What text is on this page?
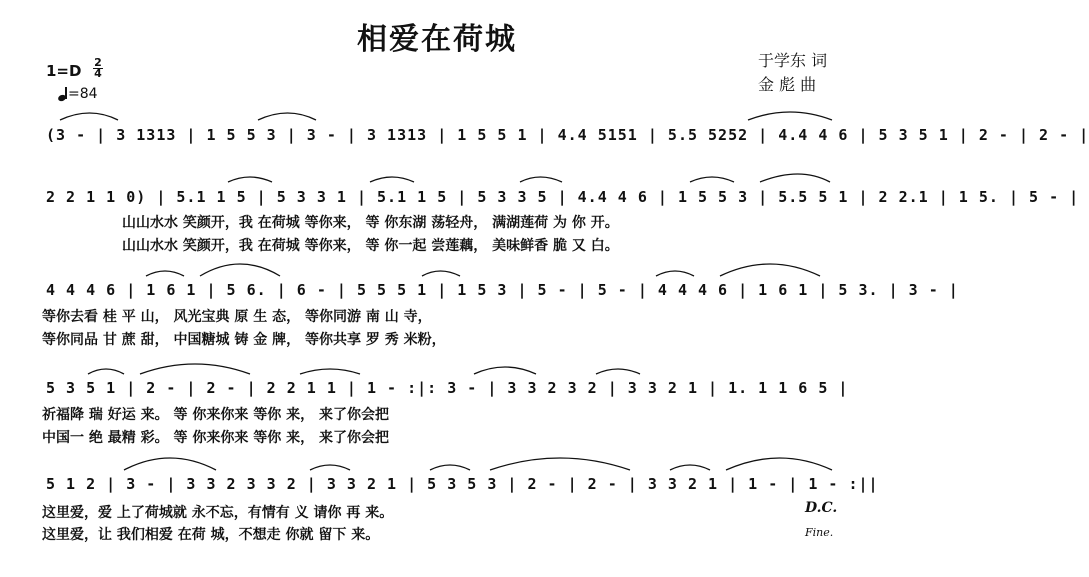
相爱在荷城
于学东 词
金 彪 曲
1=D 2
4
=84
(3 - | 3 1313 | 1 5 5 3 | 3 - | 3 1313 | 1 5 5 1 | 4.4 5151 | 5.5 5252 | 4.4 4 6 | 5 3 5 1 | 2 - | 2 - |
2 2 1 1 0) | 5.1 1 5 | 5 3 3 1 | 5.1 1 5 | 5 3 3 5 | 4.4 4 6 | 1 5 5 3 | 5.5 5 1 | 2 2.1 | 1 5. | 5 - |
山山水水 笑颜开，我 在荷城 等你来， 等 你东湖 荡轻舟， 满湖莲荷 为 你 开。
山山水水 笑颜开，我 在荷城 等你来， 等 你一起 尝莲藕， 美味鲜香 脆 又 白。
4 4 4 6 | 1 6 1 | 5 6. | 6 - | 5 5 5 1 | 1 5 3 | 5 - | 5 - | 4 4 4 6 | 1 6 1 | 5 3. | 3 - |
等你去看 桂 平 山， 风光宝典 原 生 态， 等你同游 南 山 寺，
等你同品 甘 蔗 甜， 中国糖城 铸 金 牌， 等你共享 罗 秀 米粉，
5 3 5 1 | 2 - | 2 - | 2 2 1 1 | 1 - :|: 3 - | 3 3 2 3 2 | 3 3 2 1 | 1. 1 1 6 5 |
祈福降 瑞 好运 来。 等 你来你来 等你 来， 来了你会把
中国一 绝 最精 彩。 等 你来你来 等你 来， 来了你会把
5 1 2 | 3 - | 3 3 2 3 3 2 | 3 3 2 1 | 5 3 5 3 | 2 - | 2 - | 3 3 2 1 | 1 - | 1 - :||
这里爱，爱 上了荷城就 永不忘，有情有 义 请你 再 来。
这里爱，让 我们相爱 在荷 城，不想走 你就 留下 来。
D.C.
Fine.
